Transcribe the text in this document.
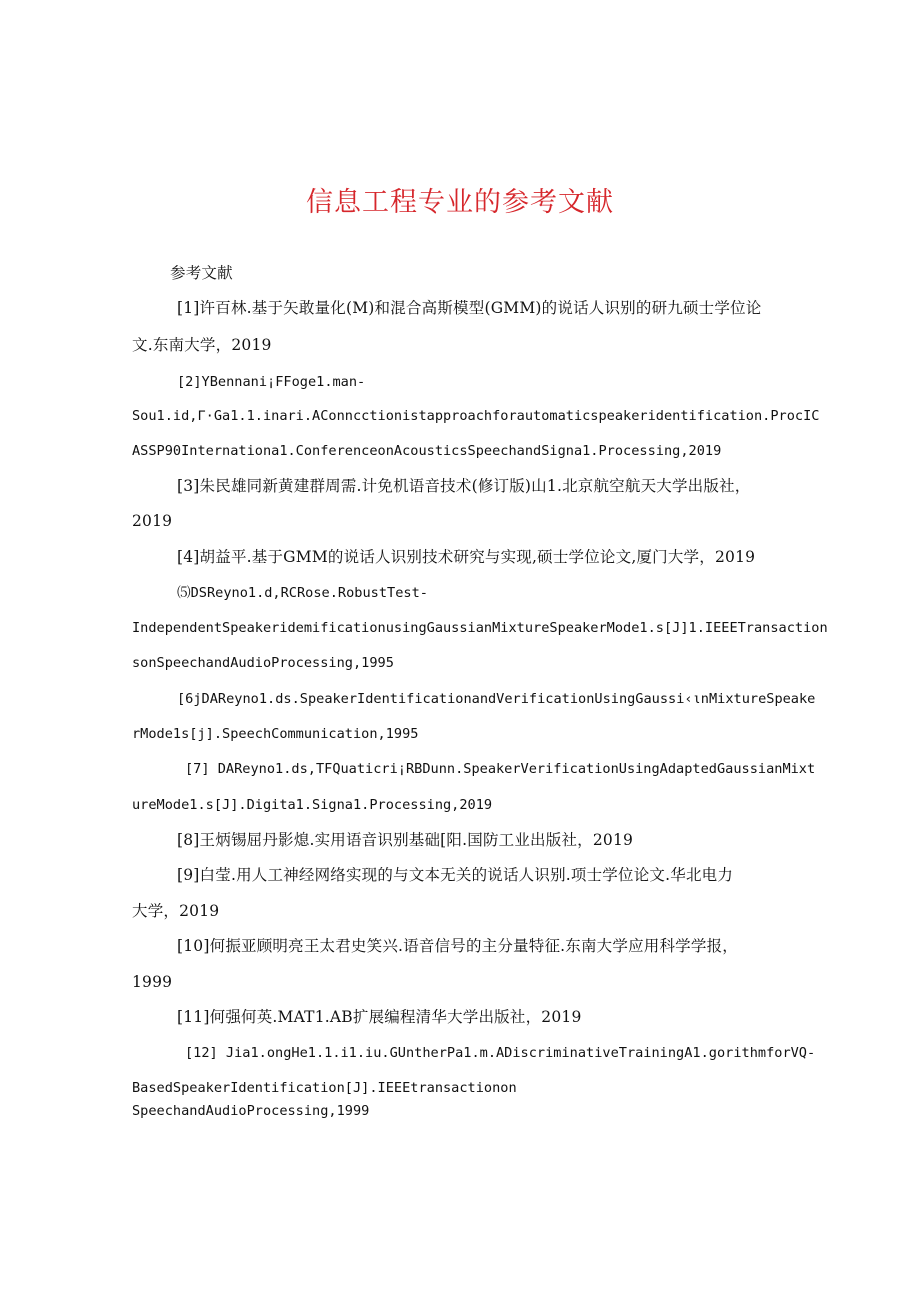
信息工程专业的参考文献
参考文献
[1]许百林.基于矢敢量化(M)和混合高斯模型(GMM)的说话人识别的研九硕士学位论
文.东南大学，2019
[2]YBennani¡FFoge1.man-
Sou1.id,Γ·Ga1.1.inari.AConncctionistapproachforautomaticspeakeridentification.ProcIC
ASSP90Internationa1.ConferenceonAcousticsSpeechandSigna1.Processing,2019
[3]朱民雄同新黄建群周需.计免机语音技术(修订版)山1.北京航空航天大学出版社，
2019
[4]胡益平.基于GMM的说话人识别技术研究与实现,硕士学位论文,厦门大学，2019
⑸DSReyno1.d,RCRose.RobustTest-
IndependentSpeakeridemificationusingGaussianMixtureSpeakerMode1.s[J]1.IEEETransaction
sonSpeechandAudioProcessing,1995
[6jDAReyno1.ds.SpeakerIdentificationandVerificationUsingGaussi‹ιnMixtureSpeake
rMode1s[j].SpeechCommunication,1995
[7] DAReyno1.ds,TFQuaticri¡RBDunn.SpeakerVerificationUsingAdaptedGaussianMixt
ureMode1.s[J].Digita1.Signa1.Processing,2019
[8]王炳锡屈丹影熄.实用语音识别基础[阳.国防工业出版社，2019
[9]白莹.用人工神经网络实现的与文本无关的说话人识别.项士学位论文.华北电力
大学，2019
[10]何振亚顾明亮王太君史笑兴.语音信号的主分量特征.东南大学应用科学学报，
1999
[11]何强何英.MAT1.AB扩展编程清华大学出版社，2019
[12] Jia1.ongHe1.1.i1.iu.GUntherPa1.m.ADiscriminativeTrainingA1.gorithmforVQ-
BasedSpeakerIdentification[J].IEEEtransactionon
SpeechandAudioProcessing,1999
